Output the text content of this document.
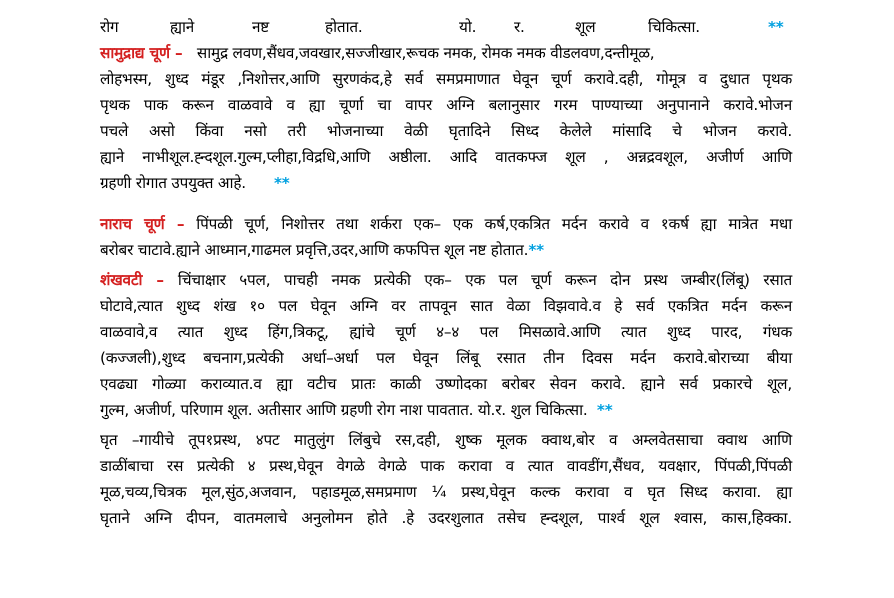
रोग	ह्याने	नष्ट	होतात.	यो. र.	शूल	चिकित्सा.	**
सामुद्राद्य चूर्ण –   सामुद्र लवण,सैंधव,जवखार,सज्जीखार,रूचक नमक, रोमक नमक वीडलवण,दन्तीमूळ,
लोहभस्म, शुध्द मंडूर ,निशोत्तर,आणि सुरणकंद,हे सर्व समप्रमाणात घेवून चूर्ण करावे.दही, गोमूत्र व दुधात पृथक
पृथक पाक करून वाळवावे व ह्या चूर्णा चा वापर अग्नि बलानुसार गरम पाण्याच्या अनुपानाने करावे.भोजन
पचले असो किंवा नसो तरी भोजनाच्या वेळी घृतादिने सिध्द केलेले मांसादि चे भोजन करावे.
ह्याने नाभीशूल.ह्न्दशूल.गुल्म,प्लीहा,विद्रधि,आणि अष्ठीला. आदि वातकफ्ज शूल , अन्नद्रवशूल, अजीर्ण आणि
ग्रहणी रोगात उपयुक्त आहे. **
नाराच चूर्ण – पिंपळी चूर्ण, निशोत्तर तथा शर्करा एक– एक कर्ष,एकत्रित मर्दन करावे व १कर्ष ह्या मात्रेत मधा
बरोबर चाटावे.ह्याने आध्मान,गाढमल प्रवृत्ति,उदर,आणि कफपित्त शूल नष्ट होतात.**
शंखवटी – चिंचाक्षार ५पल, पाचही नमक प्रत्येकी एक– एक पल चूर्ण करून दोन प्रस्थ जम्बीर(लिंबू) रसात
घोटावे,त्यात शुध्द शंख १० पल घेवून अग्नि वर तापवून सात वेळा विझवावे.व हे सर्व एकत्रित मर्दन करून
वाळवावे,व त्यात शुध्द हिंग,त्रिकटू, ह्यांचे चूर्ण ४–४ पल मिसळावे.आणि त्यात शुध्द पारद, गंधक
(कज्जली),शुध्द बचनाग,प्रत्येकी अर्धा–अर्धा पल घेवून लिंबू रसात तीन दिवस मर्दन करावे.बोराच्या बीया
एवढ्या गोळ्या कराव्यात.व ह्या वटीच प्रातः काळी उष्णोदका बरोबर सेवन करावे. ह्याने सर्व प्रकारचे शूल,
गुल्म, अजीर्ण, परिणाम शूल. अतीसार आणि ग्रहणी रोग नाश पावतात. यो.र. शुल चिकित्सा. **
घृत –गायीचे तूप१प्रस्थ, ४पट मातुलुंग लिंबुचे रस,दही, शुष्क मूलक क्वाथ,बोर व अम्लवेतसाचा क्वाथ आणि
डाळींबाचा रस प्रत्येकी ४ प्रस्थ,घेवून वेगळे वेगळे पाक करावा व त्यात वावडींग,सैंधव, यवक्षार, पिंपळी,पिंपळी
मूळ,चव्य,चित्रक मूल,सुंठ,अजवान, पहाडमूळ,समप्रमाण ¼ प्रस्थ,घेवून कल्क करावा व घृत सिध्द करावा. ह्या
घृताने अग्नि दीपन, वातमलाचे अनुलोमन होते .हे उदरशुलात तसेच ह्न्दशूल, पार्श्व शूल श्वास, कास,हिक्का.
